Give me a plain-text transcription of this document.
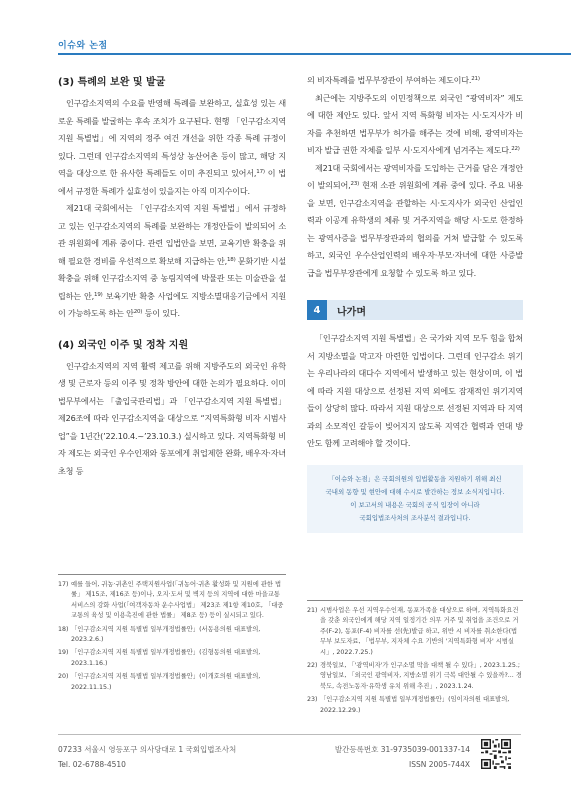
이슈와 논점
(3) 특례의 보완 및 발굴

인구감소지역의 수요를 반영해 특례를 보완하고, 실효성 있는 새로운 특례를 발굴하는 후속 조치가 요구된다. 현행 「인구감소지역 지원 특별법」에 지역의 정주 여건 개선을 위한 각종 특례 규정이 있다. 그런데 인구감소지역의 특성상 농산어촌 등이 많고, 해당 지역을 대상으로 한 유사한 특례들도 이미 추진되고 있어서,$^{17)}$ 이 법에서 규정한 특례가 실효성이 있을지는 아직 미지수이다.

제21대 국회에서는 「인구감소지역 지원 특별법」에서 규정하고 있는 인구감소지역의 특례를 보완하는 개정안들이 발의되어 소관 위원회에 계류 중이다. 관련 입법안을 보면, 교육기반 확충을 위해 필요한 경비를 우선적으로 확보해 지급하는 안,$^{18)}$ 문화기반 시설 확충을 위해 인구감소지역 중 농림지역에 박물관 또는 미술관을 설립하는 안,$^{19)}$ 보육기반 확충 사업에도 지방소멸대응기금에서 지원이 가능하도록 하는 안$^{20)}$ 등이 있다.

(4) 외국인 이주 및 정착 지원

인구감소지역의 지역 활력 제고를 위해 지방주도의 외국인 유학생 및 근로자 등의 이주 및 정착 방안에 대한 논의가 필요하다. 이미 법무부에서는 「출입국관리법」과 「인구감소지역 지원 특별법」 제26조에 따라 인구감소지역을 대상으로 “지역특화형 비자 시범사업”을 1년간(’22.10.4.~’23.10.3.) 실시하고 있다. 지역특화형 비자 제도는 외국인 우수인재와 동포에게 취업제한 완화, 배우자·자녀 초청 등

의 비자특례를 법무부장관이 부여하는 제도이다.$^{21)}$

최근에는 지방주도의 이민정책으로 외국인 “광역비자” 제도에 대한 제안도 있다. 앞서 지역 특화형 비자는 시·도지사가 비자를 추천하면 법무부가 허가를 해주는 것에 비해, 광역비자는 비자 발급 권한 자체를 일부 시·도지사에게 넘겨주는 제도다.$^{22)}$

제21대 국회에서는 광역비자를 도입하는 근거를 담은 개정안이 발의되어,$^{23)}$ 현재 소관 위원회에 계류 중에 있다. 주요 내용을 보면, 인구감소지역을 관할하는 시·도지사가 외국인 산업인력과 이공계 유학생의 체류 및 거주지역을 해당 시·도로 한정하는 광역사증을 법무부장관과의 협의를 거쳐 발급할 수 있도록 하고, 외국인 우수산업인력의 배우자·부모·자녀에 대한 사증발급을 법무부장관에게 요청할 수 있도록 하고 있다.

4	나가며

「인구감소지역 지원 특별법」은 국가와 지역 모두 힘을 합쳐서 지방소멸을 막고자 마련한 입법이다. 그런데 인구감소 위기는 우리나라의 대다수 지역에서 발생하고 있는 현상이며, 이 법에 따라 지원 대상으로 선정된 지역 외에도 잠재적인 위기지역들이 상당히 많다. 따라서 지원 대상으로 선정된 지역과 타 지역과의 소모적인 갈등이 빚어지지 않도록 지역간 협력과 연대 방안도 함께 고려해야 할 것이다.

「이슈와 논점」은 국회의원의 입법활동을 지원하기 위해 최신
국내외 동향 및 현안에 대해 수시로 발간하는 정보 소식지입니다.
이 보고서의 내용은 국회의 공식 입장이 아니라
국회입법조사처의 조사분석 결과입니다.
17) 예를 들어, 귀농·귀촌인 주택지원사업(「귀농어·귀촌 활성화 및 지원에 관한 법률」 제15조, 제16조 등)이나, 오지·도서 및 벽지 등의 지역에 대한 마을교통서비스의 강화 사업(「여객자동차 운수사업법」 제23조 제1항 제10호, 「대중교통의 육성 및 이용촉진에 관한 법률」 제8조 등) 등이 실시되고 있다.
18) 「인구감소지역 지원 특별법 일부개정법률안」(서동용의원 대표발의, 2023.2.6.)
19) 「인구감소지역 지원 특별법 일부개정법률안」(김형동의원 대표발의, 2023.1.16.)
20) 「인구감소지역 지원 특별법 일부개정법률안」(이개호의원 대표발의, 2022.11.15.)
21) 시범사업은 우선 지역우수인재, 동포가족을 대상으로 하며, 지역특화요건을 갖춘 외국인에게 해당 지역 일정기간 의무 거주 및 취업을 조건으로 거주(F-2), 동포(F-4) 비자를 선(先)발급 하고, 위반 시 비자를 취소한다(법무부 보도자료, 「법무부, 지자체 수요 기반의 '지역특화형 비자' 시범실시」, 2022.7.25.)
22) 경북일보, 「'광역비자'가 인구소멸 막을 대책 될 수 있다」, 2023.1.25.; 영남일보, 「외국인 광역비자, 지방소멸 위기 극복 대안될 수 있을까?... 경북도, 속전노동자·유학생 유치 위해 추진」, 2023.1.24.
23) 「인구감소지역 지원 특별법 일부개정법률안」(임이자의원 대표발의, 2022.12.29.)
07233 서울시 영등포구 의사당대로 1 국회입법조사처
Tel. 02-6788-4510
발간등록번호 31-9735039-001337-14
ISSN 2005-744X
